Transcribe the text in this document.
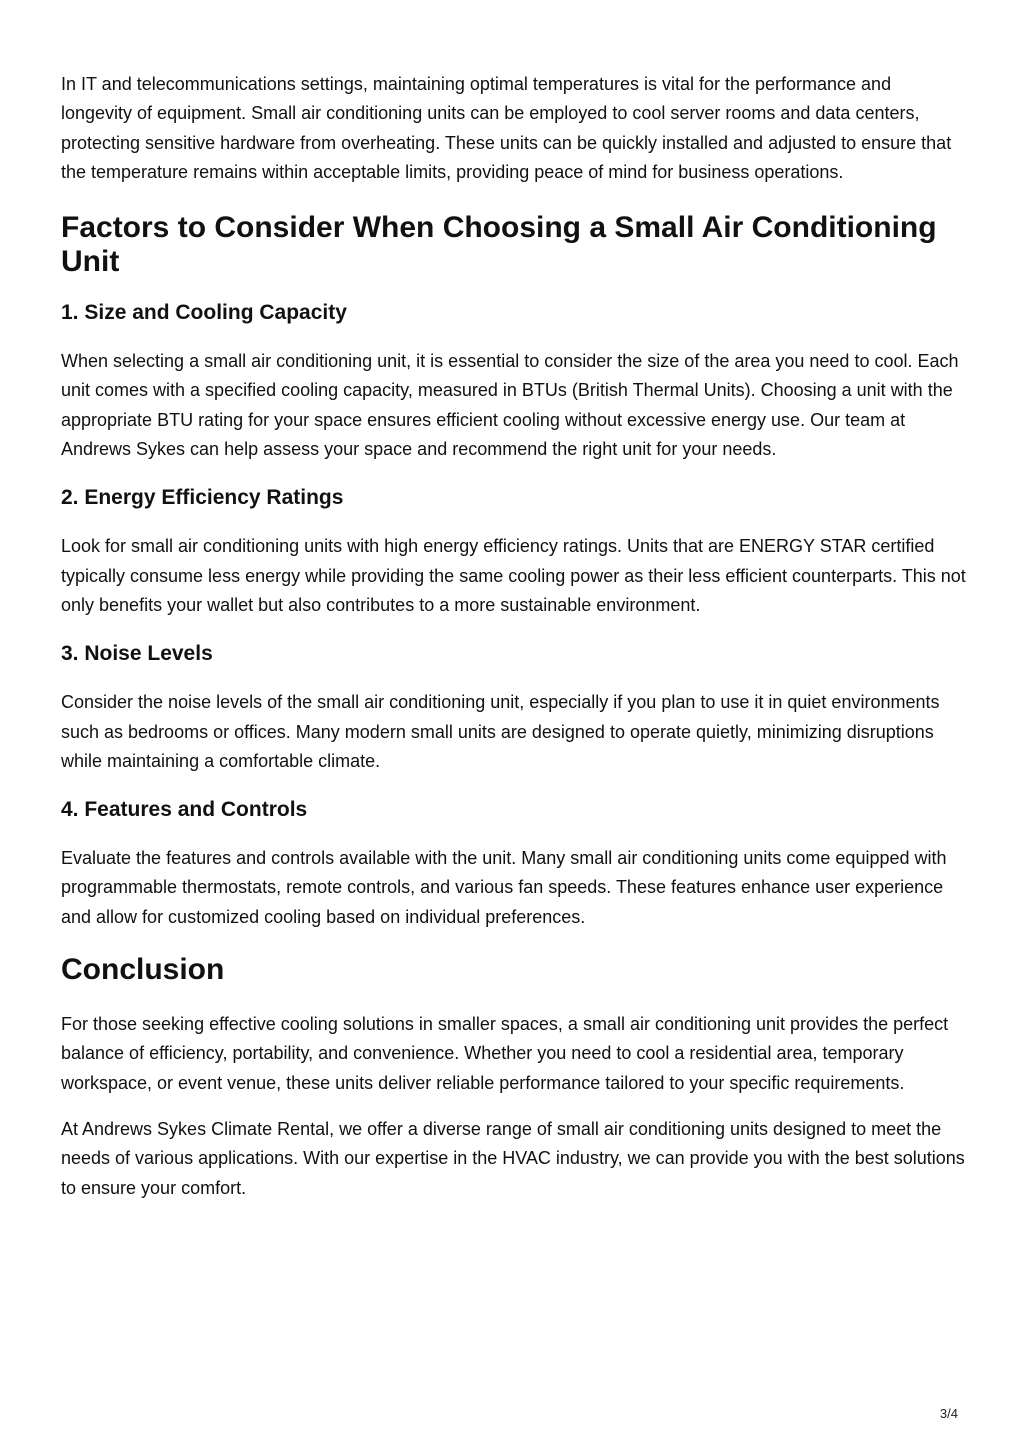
In IT and telecommunications settings, maintaining optimal temperatures is vital for the performance and longevity of equipment. Small air conditioning units can be employed to cool server rooms and data centers, protecting sensitive hardware from overheating. These units can be quickly installed and adjusted to ensure that the temperature remains within acceptable limits, providing peace of mind for business operations.

Factors to Consider When Choosing a Small Air Conditioning Unit
1. Size and Cooling Capacity

When selecting a small air conditioning unit, it is essential to consider the size of the area you need to cool. Each unit comes with a specified cooling capacity, measured in BTUs (British Thermal Units). Choosing a unit with the appropriate BTU rating for your space ensures efficient cooling without excessive energy use. Our team at Andrews Sykes can help assess your space and recommend the right unit for your needs.

2. Energy Efficiency Ratings

Look for small air conditioning units with high energy efficiency ratings. Units that are ENERGY STAR certified typically consume less energy while providing the same cooling power as their less efficient counterparts. This not only benefits your wallet but also contributes to a more sustainable environment.

3. Noise Levels

Consider the noise levels of the small air conditioning unit, especially if you plan to use it in quiet environments such as bedrooms or offices. Many modern small units are designed to operate quietly, minimizing disruptions while maintaining a comfortable climate.

4. Features and Controls

Evaluate the features and controls available with the unit. Many small air conditioning units come equipped with programmable thermostats, remote controls, and various fan speeds. These features enhance user experience and allow for customized cooling based on individual preferences.

Conclusion

For those seeking effective cooling solutions in smaller spaces, a small air conditioning unit provides the perfect balance of efficiency, portability, and convenience. Whether you need to cool a residential area, temporary workspace, or event venue, these units deliver reliable performance tailored to your specific requirements.

At Andrews Sykes Climate Rental, we offer a diverse range of small air conditioning units designed to meet the needs of various applications. With our expertise in the HVAC industry, we can provide you with the best solutions to ensure your comfort.

3/4
